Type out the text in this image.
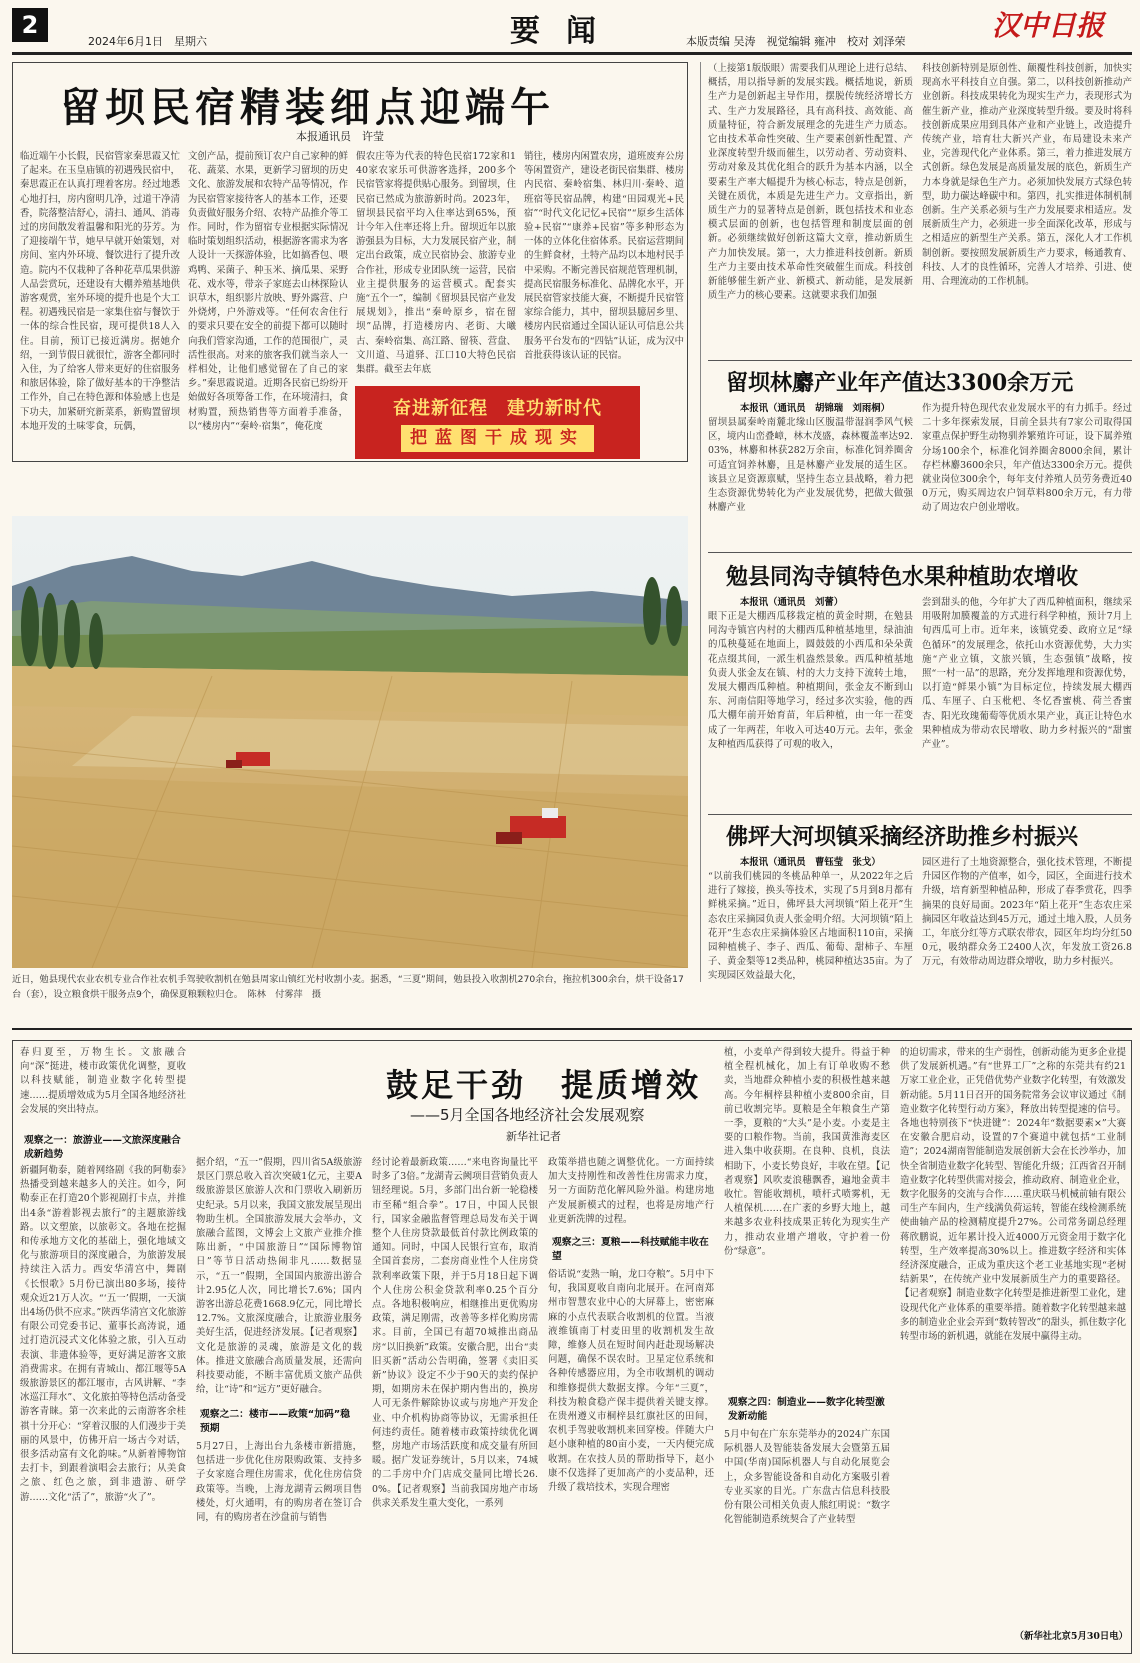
2
2024年6月1日　星期六	要闻	本版责编 吴涛　视觉编辑 雍冲　校对 刘泽荣	汉中日报
留坝民宿精装细点迎端午
本报通讯员　许莹
临近端午小长假，民宿管家秦思霞又忙了起来。在玉皇庙镇的初遇残民宿中，秦思霞正在认真打理着客房。经过地悉心地打扫，房内窗明几净，过道干净清香，院落整洁舒心，清扫、通风、消毒过的房间散发着温馨和阳光的芬芳。为了迎接端午节，她早早就开始策划，对房间、室内外环境、餐饮进行了提升改造。院内不仅栽种了各种花草瓜果供游人品尝赏玩，还建设有大棚养殖基地供游客观赏，室外环境的提升也是个大工程。初遇残民宿是一家集住宿与餐饮于一体的综合性民宿，现可提供18人入住。目前，预订已接近满房。据她介绍，一到节假日就很忙，游客全都同时入住，为了给客人带来更好的住宿服务和旅居体验，除了做好基本的干净整洁工作外，自己在特色源和体验感上也是下功夫，加紧研究新菜系，新购置留坝本地开发的土味零食，玩偶，
文创产品，提前预订农户自己家种的鲜花、蔬菜、水果，更新学习留坝的历史文化、旅游发展和农特产品等情况，作为民宿管家接待客人的基本工作，还要负责做好服务介绍、农特产品推介等工作。同时，作为留宿专业根据实际情况临时策划组织活动，根据游客需求为客人设计一天探游体验，比如搞香包、喂鸡鸭、采菌子、种玉米、摘瓜果、采野花、戏水等，带亲子家庭去山林探险认识草木，组织影片放映、野外露营、户外烧烤，户外游戏等。“任何农舍住行的要求只要在安全的前提下都可以随时向我们管家沟通，工作的范围很广，灵活性很高。对来的旅客我们就当亲人一样相处，让他们感觉留在了自己的家乡。”秦思霞说道。近期各民宿已纷纷开始做好各项筹备工作，在环境清扫，食材购置，预热销售等方面着手准备，以“楼房内”“秦岭·宿集”，俺花度
假农庄等为代表的特色民宿172家和140家农家乐可供游客选择，200多个民宿管家将提供贴心服务。到留坝，住民宿已然成为旅游新时尚。2023年，留坝县民宿平均入住率达到65%，预计今年入住率还将上升。留坝近年以旅游强县为目标，大力发展民宿产业，制定出台政策，成立民宿协会、旅游专业合作社，形成专业团队统一运营，民宿业主提供服务的运营模式。配套实施“五个一”，编制《留坝县民宿产业发展规划》，推出“秦岭原乡，宿在留坝”品牌，打造楼房内、老街、大曦古、秦岭宿集、高江路、留筷、营盘、文川道、马道驿、江口10大特色民宿集群。截至去年底
销往，楼房内闲置农房，道班废弃公房等闲置资产，建设老街民宿集群、楼房内民宿、秦岭宿集、林归川·秦岭、道班宿等民宿品牌，构建“田园观光+民宿”“时代文化记忆+民宿”“原乡生活体验+民宿”“康养+民宿”等多种形态为一体的立体化住宿体系。民宿运营期间的生鲜食材，土特产品均以本地村民手中采购。不断完善民宿规范管理机制，提高民宿服务标准化、品牌化水平，开展民宿管家技能大赛，不断提升民宿管家综合能力，其中，留坝县臆居乡里、楼房内民宿通过全国认证认可信息公共服务平台发布的“四钻”认证，成为汉中首批获得该认证的民宿。
奋进新征程　建功新时代
把蓝图干成现实
（上接第1版版眼）需要我们从理论上进行总结、概括，用以指导新的发展实践。概括地说，新质生产力是创新起主导作用，摆脱传统经济增长方式、生产力发展路径，具有高科技、高效能、高质量特征，符合新发展理念的先进生产力质态。它由技术革命性突破、生产要素创新性配置、产业深度转型升级而催生，以劳动者、劳动资料、劳动对象及其优化组合的跃升为基本内涵，以全要素生产率大幅提升为核心标志，特点是创新，关键在质优，本质是先进生产力。文章指出，新质生产力的显著特点是创新，既包括技术和业态模式层面的创新，也包括管理和制度层面的创新。必须继续做好创新这篇大文章，推动新质生产力加快发展。第一，大力推进科技创新。新质生产力主要由技术革命性突破催生而成。科技创新能够催生新产业、新模式、新动能，是发展新质生产力的核心要素。这就要求我们加强
科技创新特别是原创性、颠覆性科技创新，加快实现高水平科技自立自强。第二，以科技创新推动产业创新。科技成果转化为现实生产力，表现形式为催生新产业，推动产业深度转型升级。要及时将科技创新成果应用到具体产业和产业链上，改造提升传统产业，培育壮大新兴产业，布局建设未来产业，完善现代化产业体系。第三，着力推进发展方式创新。绿色发展是高质量发展的底色，新质生产力本身就是绿色生产力。必须加快发展方式绿色转型，助力碳达峰碳中和。第四，扎实推进体制机制创新。生产关系必须与生产力发展要求相适应。发展新质生产力，必须进一步全面深化改革，形成与之相适应的新型生产关系。第五，深化人才工作机制创新。要按照发展新质生产力要求，畅通教育、科技、人才的良性循环，完善人才培养、引进、使用、合理流动的工作机制。
留坝林麝产业年产值达3300余万元
本报讯（通讯员　胡锦瑞　刘雨桐）
留坝县属秦岭南麓北缘山区腹温带湿润季风气候区，境内山峦叠嶂，林木茂盛，森林覆盖率达92.03%，林麝和林获282万余亩，标准化饲养圈舍可适宜饲养林麝，且是林麝产业发展的适生区。该县立足资源禀赋，坚持生态立县战略，着力把生态资源优势转化为产业发展优势，把做大做强林麝产业
作为提升特色现代农业发展水平的有力抓手。经过二十多年探索发展，目前全县共有7家公司取得国家重点保护野生动物驯养繁殖许可证，设下属养殖分场100余个，标准化饲养圈舍8000余间，累计存栏林麝3600余只，年产值达3300余万元。提供就业岗位300余个，每年支付养殖人员劳务费近400万元，购买周边农户饲草料800余万元，有力带动了周边农户创业增收。
勉县同沟寺镇特色水果种植助农增收
本报讯（通讯员　刘蕾）
眼下正是大棚西瓜移栽定植的黄金时期，在勉县同沟寺镇宫内村的大棚西瓜种植基地里，绿油油的瓜秧蔓延在地面上，圆鼓鼓的小西瓜和朵朵黄花点缀其间，一派生机盎然景象。西瓜种植基地负责人张金友在镇、村的大力支持下流转土地，发展大棚西瓜种植。种植期间，张金友不断到山东、河南信阳等地学习，经过多次实验，他的西瓜大棚年前开始育苗，年后种植，由一年一茬变成了一年两茬，年收入可达40万元。去年，张金友种植西瓜获得了可观的收入，
尝到甜头的他，今年扩大了西瓜种植面积，继续采用吸附加膜覆盖的方式进行科学种植，预计7月上旬西瓜可上市。近年来，该镇党委、政府立足“绿色循环”的发展理念，依托山水资源优势，大力实施“产业立镇，文旅兴镇，生态强镇”战略，按照“一村一品”的思路，充分发挥地理和资源优势，以打造“鲜果小镇”为目标定位，持续发展大棚西瓜、车厘子、白玉枇杷、冬忆香蜜桃、荷兰香蜜杏、阳光玫瑰葡萄等优质水果产业，真正让特色水果种植成为带动农民增收、助力乡村振兴的“甜蜜产业”。
佛坪大河坝镇采摘经济助推乡村振兴
本报讯（通讯员　曹钰莹　张戈）
“以前我们桃园的冬桃品种单一，从2022年之后进行了嫁接，换头等技术，实现了5月到8月都有鲜桃采摘。”近日，佛坪县大河坝镇“陌上花开”生态农庄采摘园负责人张金明介绍。大河坝镇“陌上花开”生态农庄采摘体验区占地面积110亩，采摘园种植桃子、李子、西瓜、葡萄、甜柿子、车厘子、黄金梨等12类品种，桃园种植达35亩。为了实现园区效益最大化，
园区进行了土地资源整合，强化技术管理，不断提升园区作物的产值率，如今，园区，全面进行技术升级，培育新型种植品种，形成了春季赏花，四季摘果的良好局面。2023年“陌上花开”生态农庄采摘园区年收益达到45万元，通过土地入股，人员务工，年底分红等方式联农带农，园区年均均分红500元，吸纳群众务工2400人次，年发放工资26.8万元，有效带动周边群众增收，助力乡村振兴。
近日，勉县现代农业农机专业合作社农机手驾驶收割机在勉县周家山镇红光村收割小麦。据悉，“三夏”期间，勉县投入收割机270余台，拖拉机300余台，烘干设备17台（套），设立粮食烘干服务点9个，确保夏粮颗粒归仓。　陈林　付雾萍　摄
鼓足干劲　提质增效
——5月全国各地经济社会发展观察
新华社记者
春归夏至，万物生长。文旅融合向“深”挺进，楼市政策优化调整，夏收以科技赋能，制造业数字化转型提速……提质增效成为5月全国各地经济社会发展的突出特点。
观察之一：旅游业——文旅深度融合成新趋势
新疆阿勒泰，随着网络剧《我的阿勒泰》热播受到越来越多人的关注。如今，阿勒泰正在打造20个影视剧打卡点，并推出4条“游着影视去旅行”的主题旅游线路。以文塑旅，以旅彰文。各地在挖掘和传承地方文化的基础上，强化地域文化与旅游项目的深度融合，为旅游发展持续注入活力。西安华清宫中，舞剧《长恨歌》5月份已演出80多场，接待观众近21万人次。“‘五一’假期，一天演出4场仍供不应求。”陕西华清宫文化旅游有限公司党委书记、董事长高涛说，通过打造沉浸式文化体验之旅，引入互动表演、非遗体验等，更好满足游客文旅消费需求。在拥有青城山、都江堰等5A级旅游景区的都江堰市，古风讲解、“李冰巡江拜水”、文化旅拍等特色活动备受游客青睐。第一次来此的云南游客余桂祺十分开心：“穿着汉服的人们漫步于美丽的风景中，仿佛开启一场古今对话，很多活动富有文化韵味。”从新着博物馆去打卡，到跟着演唱会去旅行；从美食之旅、红色之旅，到非遗游、研学游……文化“活了”，旅游“火了”。
据介绍，“五一”假期，四川省5A级旅游景区门票总收入首次突破1亿元，主要A级旅游景区旅游人次和门票收入刷新历史纪录。5月以来，我国文旅发展呈现出物助生机。全国旅游发展大会举办，文旅融合蓝图，文博会上文旅产业推介推陈出新，“中国旅游日”“国际博物馆日”等节日活动热闹非凡……数据显示，“五一”假期，全国国内旅游出游合计2.95亿人次，同比增长7.6%；国内游客出游总花费1668.9亿元，同比增长12.7%。文旅深度融合，让旅游业服务美好生活，促进经济发展。【记者观察】文化是旅游的灵魂，旅游是文化的载体。推进文旅融合高质量发展，还需向科技要动能，不断丰富优质文旅产品供给，让“诗”和“远方”更好融合。
观察之二：楼市——政策“加码”稳预期
5月27日，上海出台九条楼市新措施，包括进一步优化住房限购政策、支持多子女家庭合理住房需求，优化住房信贷政策等。当晚，上海龙湖青云阙项目售楼处，灯火通明，有的购房者在签订合同，有的购房者在沙盘前与销售
经讨论着最新政策……“来电咨询量比平时多了3倍。”龙湖青云阙项目营销负责人钮经理说。5月，多部门出台新一轮稳楼市至稀“组合拳”。17日，中国人民银行，国家金融监督管理总局发布关于调整个人住房贷款最低首付款比例政策的通知。同时，中国人民银行宣布，取消全国首套房，二套房商业性个人住房贷款利率政策下限，并于5月18日起下调个人住房公积金贷款利率0.25个百分点。各地积极响应，相继推出更优购房政策，满足刚需，改善等多样化购房需求。目前，全国已有超70城推出商品房“以旧换新”政策。安徽合肥，出台“卖旧买新”活动公告明确，签署《卖旧买新”协议》设定不少于90天的卖约保护期，如期房未在保护期内售出的，换房人可无条件解除协议或与房地产开发企业、中介机构协商等协议，无需承担任何违约责任。随着楼市政策持续优化调整，房地产市场活跃度和成交量有所回暖。据广发证券统计，5月以来，74城的二手房中介门店成交量同比增长26.0%。【记者观察】当前我国房地产市场供求关系发生重大变化，一系列
政策举措也随之调整优化。一方面持续加大支持刚性和改善性住房需求力度，另一方面防范化解风险外溢。构建房地产发展新模式的过程，也将是房地产行业更新洗牌的过程。
观察之三：夏粮——科技赋能丰收在望
俗话说“麦熟一晌，龙口夺粮”。5月中下旬，我国夏收自南向北展开。在河南郑州市智慧农业中心的大屏幕上，密密麻麻的小点代表联合收割机的位置。当液液维镇南丁村麦田里的收割机发生故障，维修人员在短时间内赶赴现场解决问题，确保不误农时。卫星定位系统和各种传感器应用，为全市收割机的调动和维修提供大数据支撑。今年“三夏”，科技为粮食稳产保丰提供着关键支撑。在贵州遵义市桐梓县红旗社区的田间，农机手驾驶收割机来回穿梭。伴随大户赵小康种植的80亩小麦，一天内便完成收割。在农技人员的帮助指导下，赵小康不仅选择了更加高产的小麦品种，还升级了栽培技术，实现合理密
植，小麦单产得到较大提升。得益于种植全程机械化，加上有订单收购不愁卖，当地群众种植小麦的积极性越来越高。今年桐梓县种植小麦800余亩，目前已收割完毕。夏粮是全年粮食生产第一季，夏粮的“大头”是小麦。小麦是主要的口粮作物。当前，我国黄淮海麦区进入集中收获期。在良种、良机，良法相助下，小麦长势良好，丰收在望。【记者观察】风吹麦浪穗飘香，遍地金黄丰收忙。智能收割机，喷杆式喷雾机，无人植保机……在广袤的乡野大地上，越来越多农业科技成果正转化为现实生产力，推动农业增产增收，守护着一份份“绿意”。
观察之四：制造业——数字化转型激发新动能
5月中旬在广东东莞举办的2024广东国际机器人及智能装备发展大会暨第五届中国(华南)国际机器人与自动化展览会上，众多智能设备和自动化方案吸引着专业买家的目光。广东盘古信息科技股份有限公司相关负责人熊红明说：“数字化智能制造系统契合了产业转型
的迫切需求，带来的生产弱性，创新动能为更多企业提供了发展新机遇。”有“世界工厂”之称的东莞共有约21万家工业企业，正凭借优势产业数字化转型，有效激发新动能。5月11日召开的国务院常务会议审议通过《制造业数字化转型行动方案》，释放出转型提速的信号。各地也特别孩下“快进键”：2024年“数据要素×”大赛在安徽合肥启动，设置的7个赛道中就包括“工业制造”；2024湖南智能制造发展创新大会在长沙举办，加快全省制造业数字化转型、智能化升级；江西省召开制造业数字化转型供需对接会，推动政府、制造业企业，数字化服务的交流与合作……重庆联马机械前轴有限公司生产车间内，生产线满负荷运转，智能在线检测系统使曲轴产品的检测精度提升27%。公司常务副总经理蒋欣鹏说，近年累计投入近4000万元资金用于数字化转型，生产效率提高30%以上。推进数字经济和实体经济深度融合，正成为重庆这个老工业基地实现“老树结新果”，在传统产业中发展新质生产力的重要路径。【记者观察】制造业数字化转型是推进新型工业化，建设现代化产业体系的重要举措。随着数字化转型越来越多的制造业企业会弄到“数转智改”的甜头，抓住数字化转型市场的新机遇，就能在发展中赢得主动。
（新华社北京5月30日电）
